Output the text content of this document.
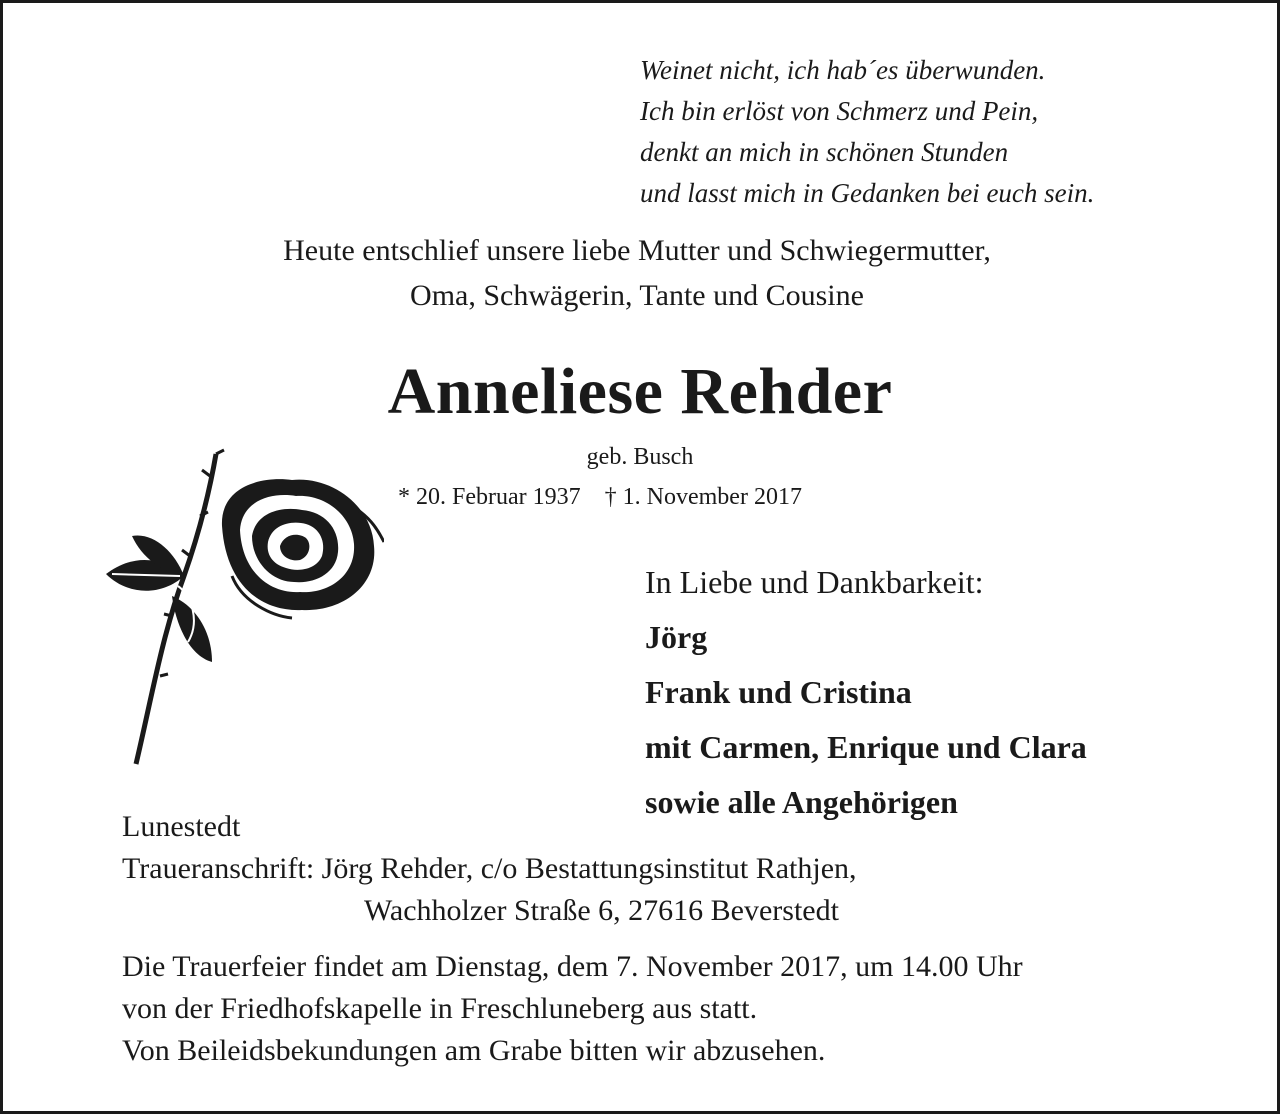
Weinet nicht, ich hab´es überwunden.
Ich bin erlöst von Schmerz und Pein,
denkt an mich in schönen Stunden
und lasst mich in Gedanken bei euch sein.
Heute entschlief unsere liebe Mutter und Schwiegermutter,
Oma, Schwägerin, Tante und Cousine
Anneliese Rehder
geb. Busch
* 20. Februar 1937 † 1. November 2017
In Liebe und Dankbarkeit:
Jörg
Frank und Cristina
mit Carmen, Enrique und Clara
sowie alle Angehörigen
Lunestedt
Traueranschrift: Jörg Rehder, c/o Bestattungsinstitut Rathjen,
Wachholzer Straße 6, 27616 Beverstedt
Die Trauerfeier findet am Dienstag, dem 7. November 2017, um 14.00 Uhr
von der Friedhofskapelle in Freschluneberg aus statt.
Von Beileidsbekundungen am Grabe bitten wir abzusehen.
